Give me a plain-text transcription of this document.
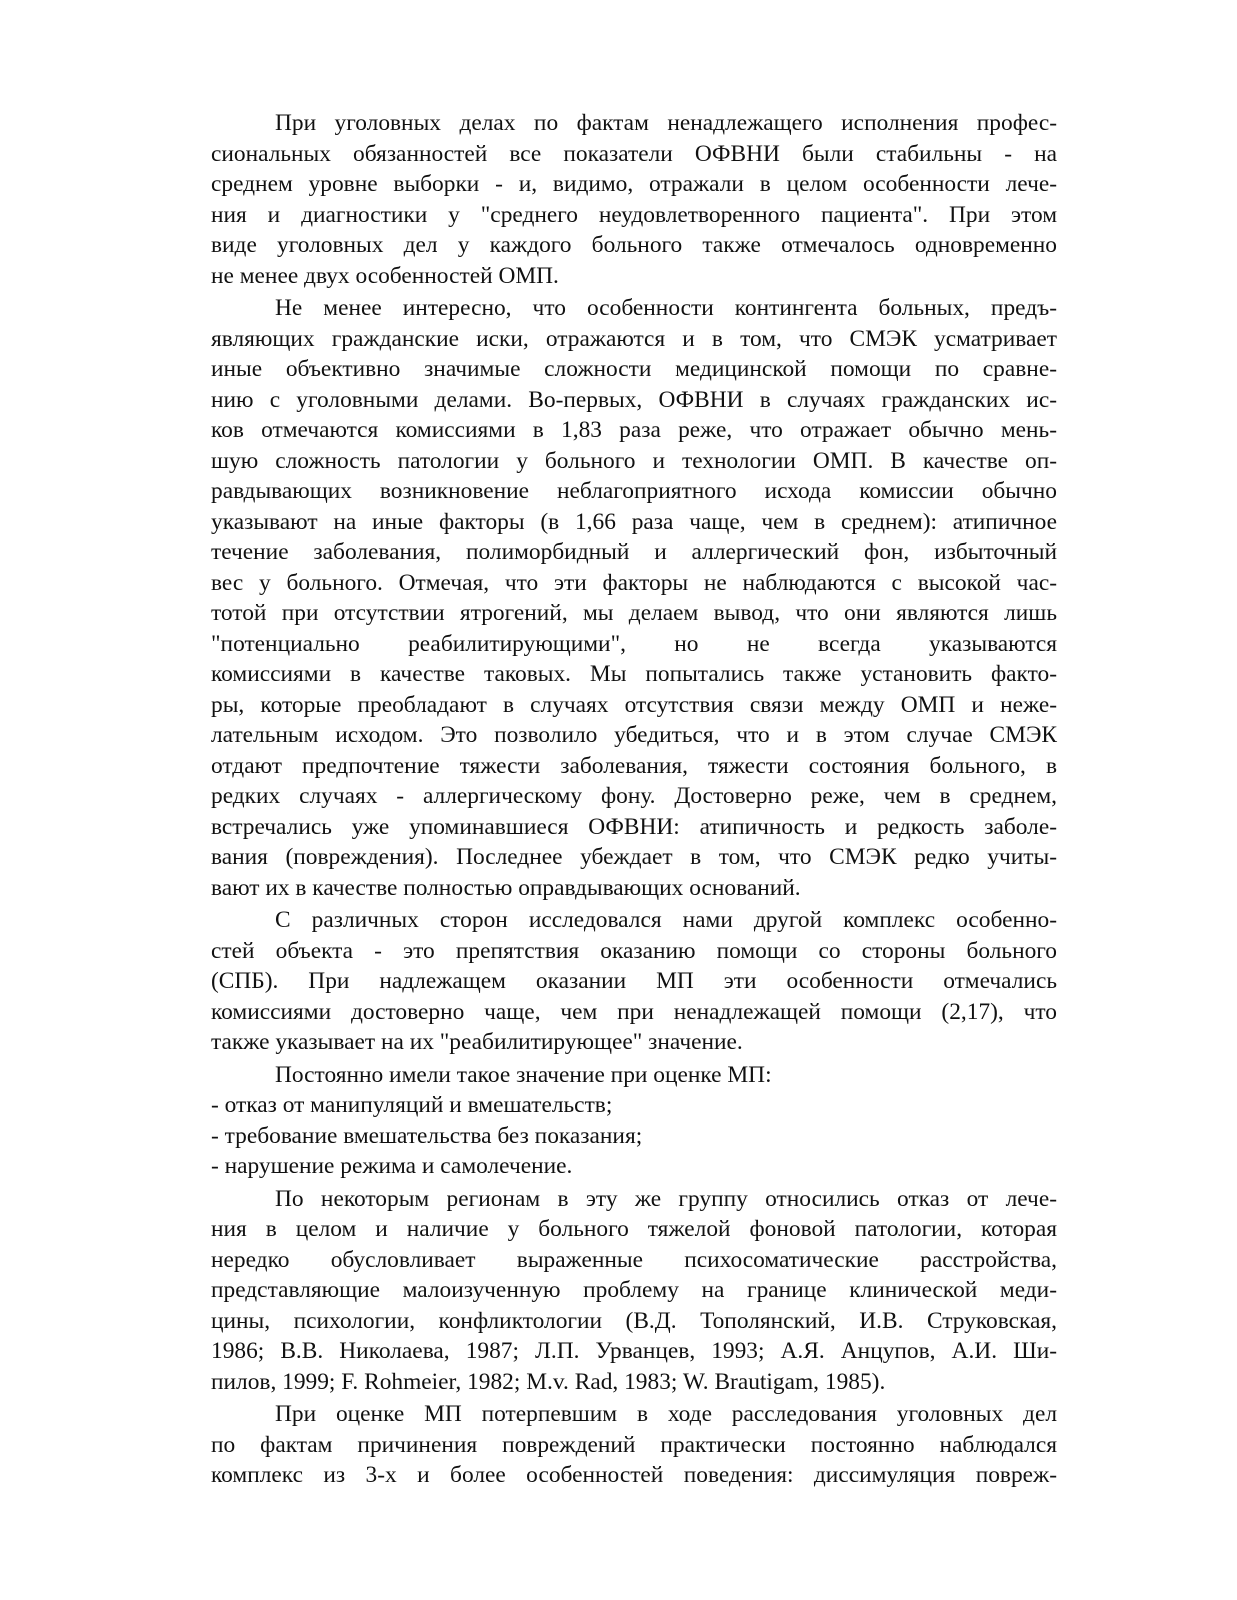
При уголовных делах по фактам ненадлежащего исполнения профес-
сиональных обязанностей все показатели ОФВНИ были стабильны - на
среднем уровне выборки - и, видимо, отражали в целом особенности лече-
ния и диагностики у "среднего неудовлетворенного пациента". При этом
виде уголовных дел у каждого больного также отмечалось одновременно
не менее двух особенностей ОМП.
Не менее интересно, что особенности контингента больных, предъ-
являющих гражданские иски, отражаются и в том, что СМЭК усматривает
иные объективно значимые сложности медицинской помощи по сравне-
нию с уголовными делами. Во-первых, ОФВНИ в случаях гражданских ис-
ков отмечаются комиссиями в 1,83 раза реже, что отражает обычно мень-
шую сложность патологии у больного и технологии ОМП. В качестве оп-
равдывающих возникновение неблагоприятного исхода комиссии обычно
указывают на иные факторы (в 1,66 раза чаще, чем в среднем): атипичное
течение заболевания, полиморбидный и аллергический фон, избыточный
вес у больного. Отмечая, что эти факторы не наблюдаются с высокой час-
тотой при отсутствии ятрогений, мы делаем вывод, что они являются лишь
"потенциально реабилитирующими", но не всегда указываются
комиссиями в качестве таковых. Мы попытались также установить факто-
ры, которые преобладают в случаях отсутствия связи между ОМП и неже-
лательным исходом. Это позволило убедиться, что и в этом случае СМЭК
отдают предпочтение тяжести заболевания, тяжести состояния больного, в
редких случаях - аллергическому фону. Достоверно реже, чем в среднем,
встречались уже упоминавшиеся ОФВНИ: атипичность и редкость заболе-
вания (повреждения). Последнее убеждает в том, что СМЭК редко учиты-
вают их в качестве полностью оправдывающих оснований.
С различных сторон исследовался нами другой комплекс особенно-
стей объекта - это препятствия оказанию помощи со стороны больного
(СПБ). При надлежащем оказании МП эти особенности отмечались
комиссиями достоверно чаще, чем при ненадлежащей помощи (2,17), что
также указывает на их "реабилитирующее" значение.
Постоянно имели такое значение при оценке МП:
- отказ от манипуляций и вмешательств;
- требование вмешательства без показания;
- нарушение режима и самолечение.
По некоторым регионам в эту же группу относились отказ от лече-
ния в целом и наличие у больного тяжелой фоновой патологии, которая
нередко обусловливает выраженные психосоматические расстройства,
представляющие малоизученную проблему на границе клинической меди-
цины, психологии, конфликтологии (В.Д. Тополянский, И.В. Струковская,
1986; В.В. Николаева, 1987; Л.П. Урванцев, 1993; А.Я. Анцупов, А.И. Ши-
пилов, 1999; F. Rohmeier, 1982; M.v. Rad, 1983; W. Brautigam, 1985).
При оценке МП потерпевшим в ходе расследования уголовных дел
по фактам причинения повреждений практически постоянно наблюдался
комплекс из 3-х и более особенностей поведения: диссимуляция повреж-
